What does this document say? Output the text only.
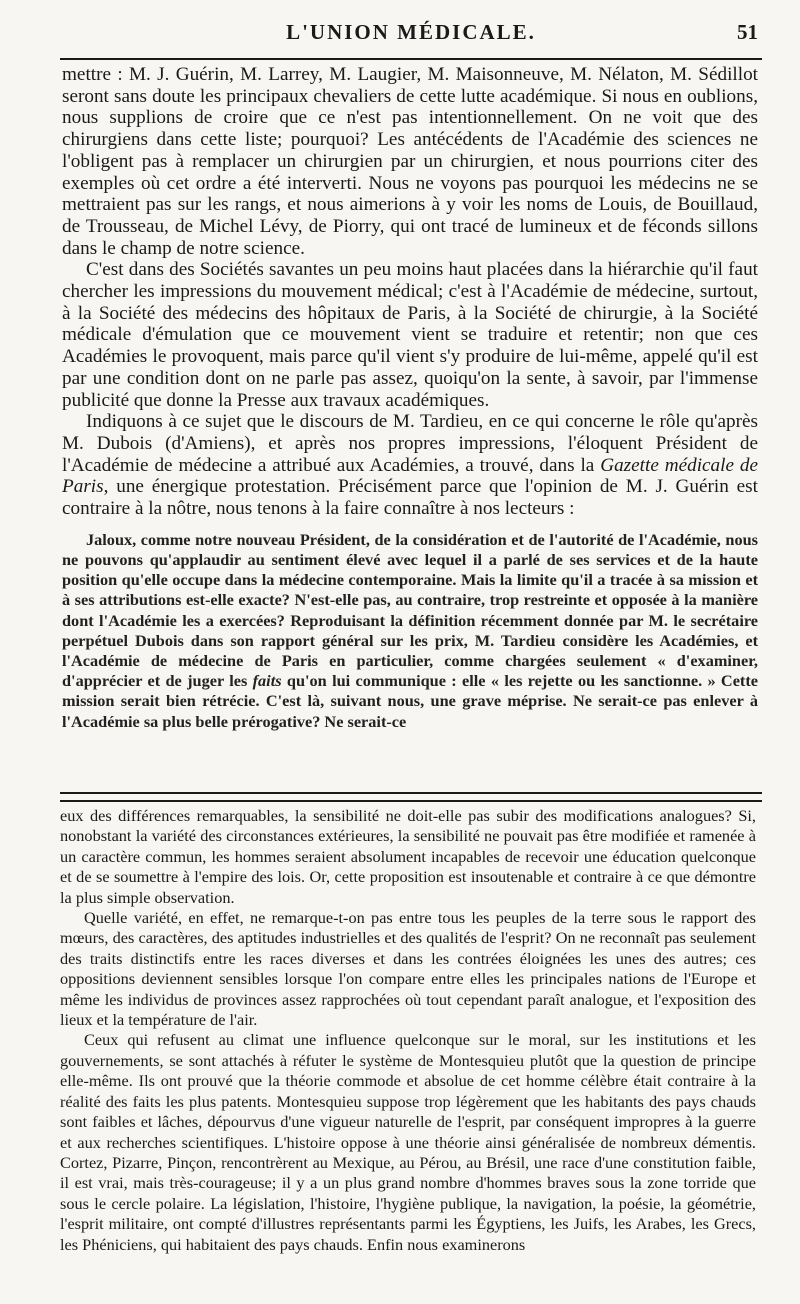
L'UNION MÉDICALE.	51

mettre : M. J. Guérin, M. Larrey, M. Laugier, M. Maisonneuve, M. Nélaton, M. Sédillot seront sans doute les principaux chevaliers de cette lutte académique. Si nous en oublions, nous supplions de croire que ce n'est pas intentionnellement. On ne voit que des chirurgiens dans cette liste; pourquoi? Les antécédents de l'Académie des sciences ne l'obligent pas à remplacer un chirurgien par un chirurgien, et nous pourrions citer des exemples où cet ordre a été interverti. Nous ne voyons pas pourquoi les médecins ne se mettraient pas sur les rangs, et nous aimerions à y voir les noms de Louis, de Bouillaud, de Trousseau, de Michel Lévy, de Piorry, qui ont tracé de lumineux et de féconds sillons dans le champ de notre science.

C'est dans des Sociétés savantes un peu moins haut placées dans la hiérarchie qu'il faut chercher les impressions du mouvement médical; c'est à l'Académie de médecine, surtout, à la Société des médecins des hôpitaux de Paris, à la Société de chirurgie, à la Société médicale d'émulation que ce mouvement vient se traduire et retentir; non que ces Académies le provoquent, mais parce qu'il vient s'y produire de lui-même, appelé qu'il est par une condition dont on ne parle pas assez, quoiqu'on la sente, à savoir, par l'immense publicité que donne la Presse aux travaux académiques.

Indiquons à ce sujet que le discours de M. Tardieu, en ce qui concerne le rôle qu'après M. Dubois (d'Amiens), et après nos propres impressions, l'éloquent Président de l'Académie de médecine a attribué aux Académies, a trouvé, dans la Gazette médicale de Paris, une énergique protestation. Précisément parce que l'opinion de M. J. Guérin est contraire à la nôtre, nous tenons à la faire connaître à nos lecteurs :

Jaloux, comme notre nouveau Président, de la considération et de l'autorité de l'Académie, nous ne pouvons qu'applaudir au sentiment élevé avec lequel il a parlé de ses services et de la haute position qu'elle occupe dans la médecine contemporaine. Mais la limite qu'il a tracée à sa mission et à ses attributions est-elle exacte? N'est-elle pas, au contraire, trop restreinte et opposée à la manière dont l'Académie les a exercées? Reproduisant la définition récemment donnée par M. le secrétaire perpétuel Dubois dans son rapport général sur les prix, M. Tardieu considère les Académies, et l'Académie de médecine de Paris en particulier, comme chargées seulement « d'examiner, d'apprécier et de juger les faits qu'on lui communique : elle « les rejette ou les sanctionne. » Cette mission serait bien rétrécie. C'est là, suivant nous, une grave méprise. Ne serait-ce pas enlever à l'Académie sa plus belle prérogative? Ne serait-ce

eux des différences remarquables, la sensibilité ne doit-elle pas subir des modifications analogues? Si, nonobstant la variété des circonstances extérieures, la sensibilité ne pouvait pas être modifiée et ramenée à un caractère commun, les hommes seraient absolument incapables de recevoir une éducation quelconque et de se soumettre à l'empire des lois. Or, cette proposition est insoutenable et contraire à ce que démontre la plus simple observation.

Quelle variété, en effet, ne remarque-t-on pas entre tous les peuples de la terre sous le rapport des mœurs, des caractères, des aptitudes industrielles et des qualités de l'esprit? On ne reconnaît pas seulement des traits distinctifs entre les races diverses et dans les contrées éloignées les unes des autres; ces oppositions deviennent sensibles lorsque l'on compare entre elles les principales nations de l'Europe et même les individus de provinces assez rapprochées où tout cependant paraît analogue, et l'exposition des lieux et la température de l'air.

Ceux qui refusent au climat une influence quelconque sur le moral, sur les institutions et les gouvernements, se sont attachés à réfuter le système de Montesquieu plutôt que la question de principe elle-même. Ils ont prouvé que la théorie commode et absolue de cet homme célèbre était contraire à la réalité des faits les plus patents. Montesquieu suppose trop légèrement que les habitants des pays chauds sont faibles et lâches, dépourvus d'une vigueur naturelle de l'esprit, par conséquent impropres à la guerre et aux recherches scientifiques. L'histoire oppose à une théorie ainsi généralisée de nombreux démentis. Cortez, Pizarre, Pinçon, rencontrèrent au Mexique, au Pérou, au Brésil, une race d'une constitution faible, il est vrai, mais très-courageuse; il y a un plus grand nombre d'hommes braves sous la zone torride que sous le cercle polaire. La législation, l'histoire, l'hygiène publique, la navigation, la poésie, la géométrie, l'esprit militaire, ont compté d'illustres représentants parmi les Égyptiens, les Juifs, les Arabes, les Grecs, les Phéniciens, qui habitaient des pays chauds. Enfin nous examinerons
